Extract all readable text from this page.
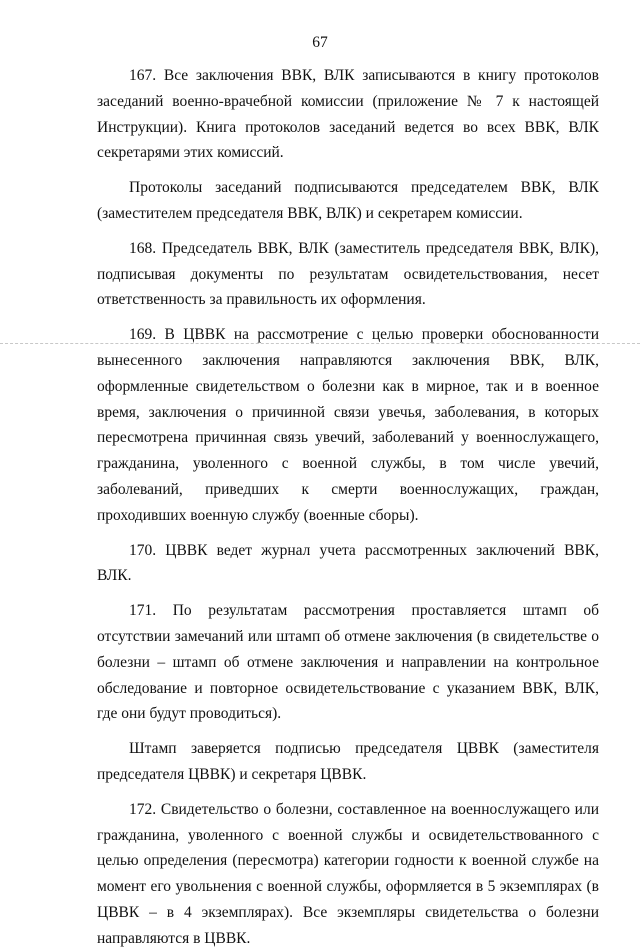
67

167. Все заключения ВВК, ВЛК записываются в книгу протоколов заседаний военно-врачебной комиссии (приложение № 7 к настоящей Инструкции). Книга протоколов заседаний ведется во всех ВВК, ВЛК секретарями этих комиссий.

Протоколы заседаний подписываются председателем ВВК, ВЛК (заместителем председателя ВВК, ВЛК) и секретарем комиссии.

168. Председатель ВВК, ВЛК (заместитель председателя ВВК, ВЛК), подписывая документы по результатам освидетельствования, несет ответственность за правильность их оформления.

169. В ЦВВК на рассмотрение с целью проверки обоснованности вынесенного заключения направляются заключения ВВК, ВЛК, оформленные свидетельством о болезни как в мирное, так и в военное время, заключения о причинной связи увечья, заболевания, в которых пересмотрена причинная связь увечий, заболеваний у военнослужащего, гражданина, уволенного с военной службы, в том числе увечий, заболеваний, приведших к смерти военнослужащих, граждан, проходивших военную службу (военные сборы).

170. ЦВВК ведет журнал учета рассмотренных заключений ВВК, ВЛК.

171. По результатам рассмотрения проставляется штамп об отсутствии замечаний или штамп об отмене заключения (в свидетельстве о болезни – штамп об отмене заключения и направлении на контрольное обследование и повторное освидетельствование с указанием ВВК, ВЛК, где они будут проводиться).

Штамп заверяется подписью председателя ЦВВК (заместителя председателя ЦВВК) и секретаря ЦВВК.

172. Свидетельство о болезни, составленное на военнослужащего или гражданина, уволенного с военной службы и освидетельствованного с целью определения (пересмотра) категории годности к военной службе на момент его увольнения с военной службы, оформляется в 5 экземплярах (в ЦВВК – в 4 экземплярах). Все экземпляры свидетельства о болезни направляются в ЦВВК.
